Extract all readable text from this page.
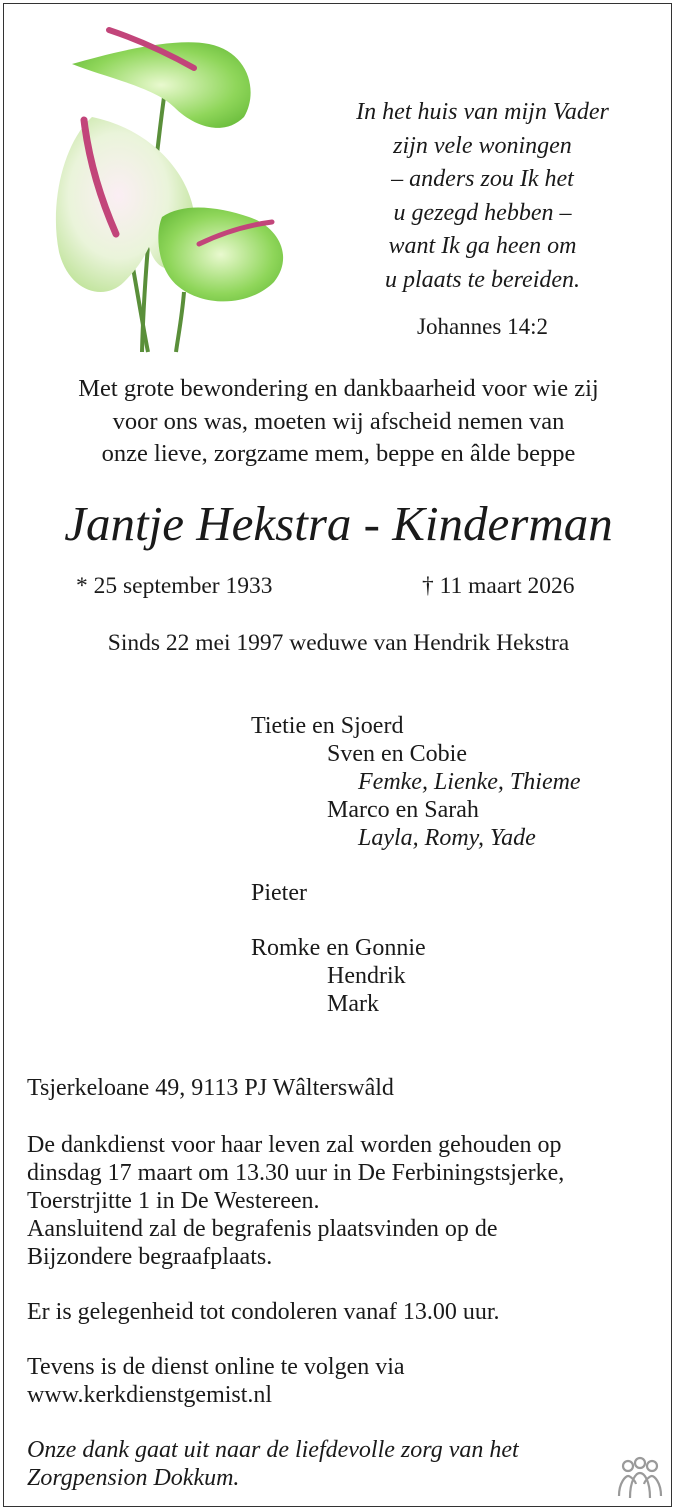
In het huis van mijn Vader
zijn vele woningen
– anders zou Ik het
u gezegd hebben –
want Ik ga heen om
u plaats te bereiden.
Johannes 14:2
Met grote bewondering en dankbaarheid voor wie zij
voor ons was, moeten wij afscheid nemen van
onze lieve, zorgzame mem, beppe en âlde beppe
Jantje Hekstra - Kinderman
* 25 september 1933	† 11 maart 2026
Sinds 22 mei 1997 weduwe van Hendrik Hekstra
Tietie en Sjoerd
Sven en Cobie
Femke, Lienke, Thieme
Marco en Sarah
Layla, Romy, Yade
Pieter
Romke en Gonnie
Hendrik
Mark
Tsjerkeloane 49, 9113 PJ Wâlterswâld
De dankdienst voor haar leven zal worden gehouden op
dinsdag 17 maart om 13.30 uur in De Ferbiningstsjerke,
Toerstrjitte 1 in De Westereen.
Aansluitend zal de begrafenis plaatsvinden op de
Bijzondere begraafplaats.
Er is gelegenheid tot condoleren vanaf 13.00 uur.
Tevens is de dienst online te volgen via
www.kerkdienstgemist.nl
Onze dank gaat uit naar de liefdevolle zorg van het
Zorgpension Dokkum.
